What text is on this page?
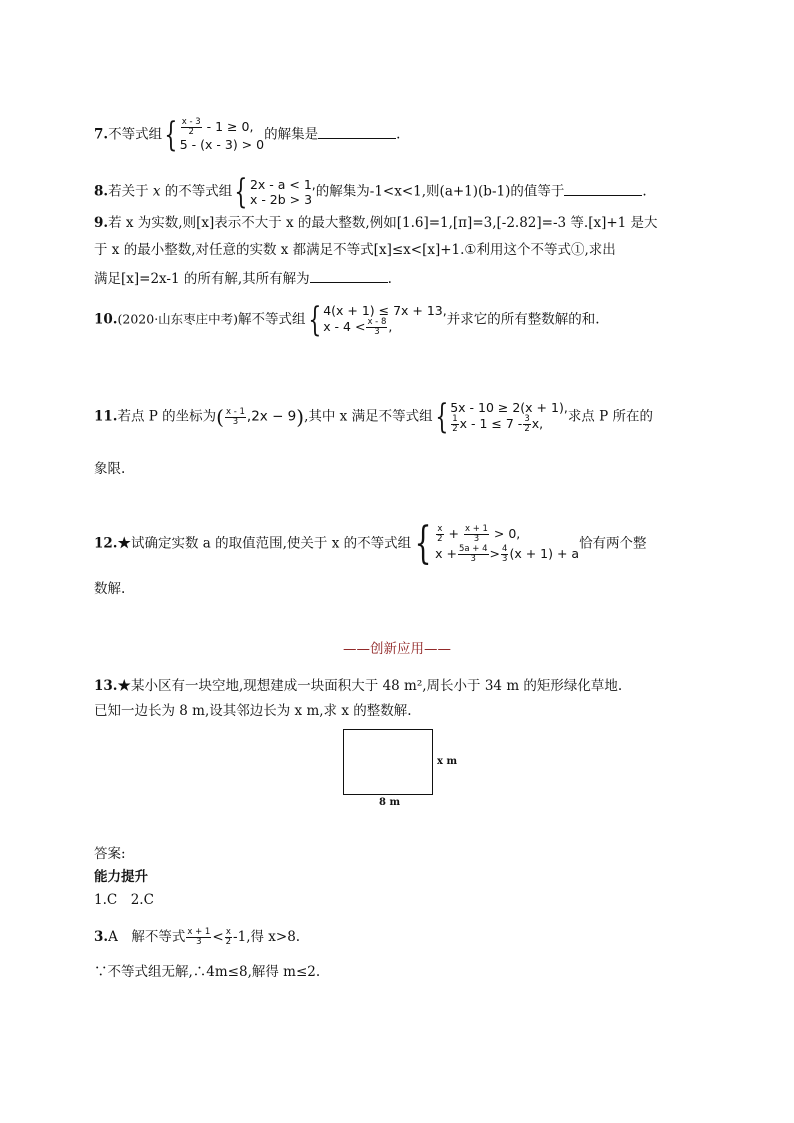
7.不等式组{ $\frac{x - 3}{2} - 1 \ge 0$,
5 - (x - 3) > 0
的解集是	.
8.若关于 x 的不等式组{ 2x - a < 1,
x - 2b > 3 的解集为-1<x<1,则(a+1)(b-1)的值等于	.
9.若 x 为实数,则[x]表示不大于 x 的最大整数,例如[1.6]=1,[π]=3,[-2.82]=-3 等.[x]+1 是大
于 x 的最小整数,对任意的实数 x 都满足不等式[x]≤x<[x]+1.①利用这个不等式①,求出
满足[x]=2x-1 的所有解,其所有解为	.
10.(2020·山东枣庄中考)解不等式组{ 4(x + 1) ≤ 7x + 13,
$x - 4 < \frac{x - 8}{3}$ ,	并求它的所有整数解的和.
11.若点 P 的坐标为( $\frac{x - 1}{3} ,2x - 9$),其中 x 满足不等式组{ 5x - 10 ≥ 2(x + 1),
$\frac{1}{2}$ $x - 1 \le 7 - \frac{3}{2} x$,	求点 P 所在的
象限.
12.★试确定实数 a 的取值范围,使关于 x 的不等式组{ $\frac{x}{2} + \frac{x + 1}{3} > 0$,
$x + \frac{5a + 4}{3} > \frac{4}{3} (x + 1) + a$
恰有两个整
数解.
——创新应用——
13.★某小区有一块空地,现想建成一块面积大于 48 m²,周长小于 34 m 的矩形绿化草地.
已知一边长为 8 m,设其邻边长为 x m,求 x 的整数解.
x m
8 m
答案:
能力提升
1.C　2.C
3.A　解不等式 $\frac{x + 1}{3} < \frac{x}{2} -1$,得 x>8.
∵不等式组无解,∴4m≤8,解得 m≤2.
